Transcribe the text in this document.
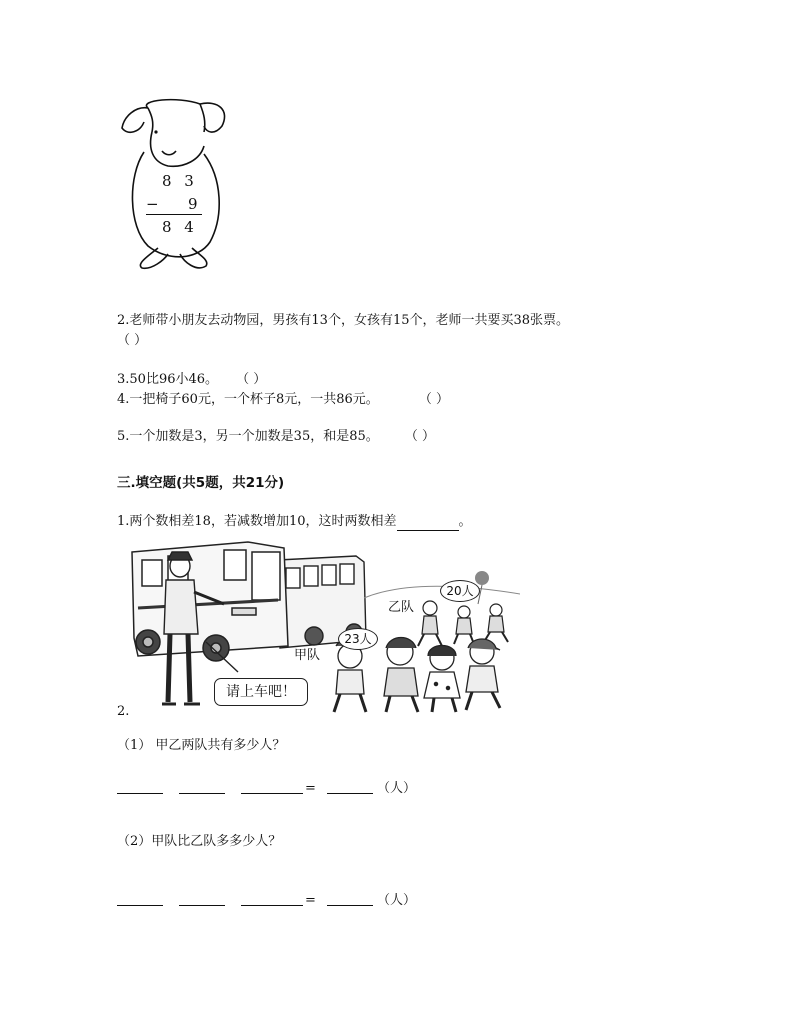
8 3
− 9
8 4
2.老师带小朋友去动物园，男孩有13个，女孩有15个，老师一共要买38张票。
（ ）
3.50比96小46。 （ ）
4.一把椅子60元，一个杯子8元，一共86元。	（ ）
5.一个加数是3，另一个加数是35，和是85。 （ ）
三.填空题(共5题，共21分)
1.两个数相差18，若减数增加10，这时两数相差	。
20人
乙队
23人
甲队
请上车吧！
2.
（1） 甲乙两队共有多少人？
=	（人）
（2）甲队比乙队多多少人？
=	（人）
